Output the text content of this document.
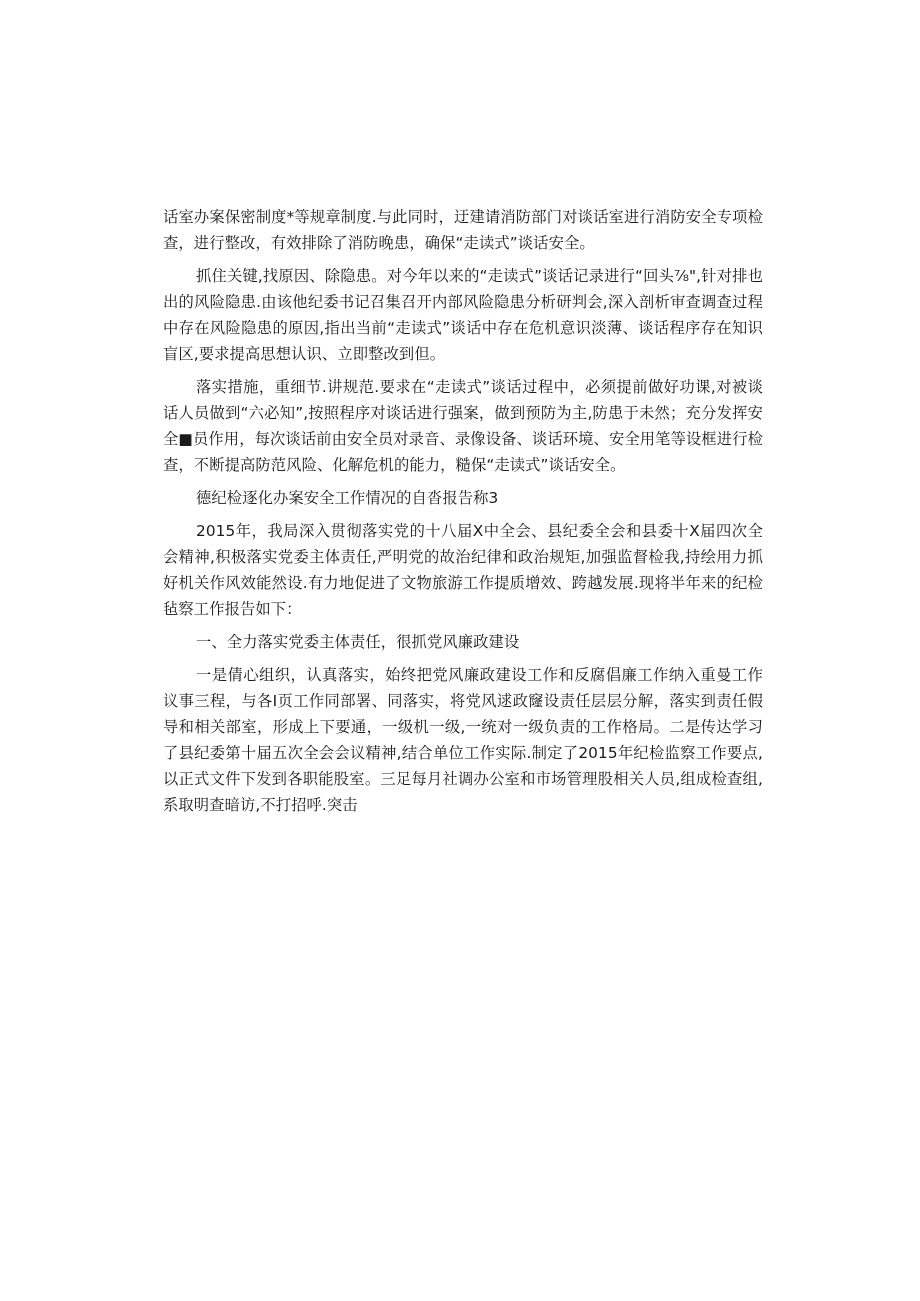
话室办案保密制度*等规章制度.与此同时，迂建请消防部门对谈话室进行消防安全专项检查，进行整改，有效排除了消防晚患，确保“走读式”谈话安全。

抓住关键,找原因、除隐患。对今年以来的“走读式”谈话记录进行“回头⅞",针对排也出的风险隐患.由该他纪委书记召集召开内部风险隐患分析研判会,深入剖析审查调查过程中存在风险隐患的原因,指出当前“走读式”谈话中存在危机意识淡薄、谈话程序存在知识盲区,要求提高思想认识、立即整改到但。

落实措施，重细节.讲规范.要求在“走读式”谈话过程中，必须提前做好功课,对被谈话人员做到“六必知”,按照程序对谈话进行强案，做到预防为主,防患于未然；充分发挥安全■员作用，每次谈话前由安全员对录音、录像设备、谈话环境、安全用笔等设框进行检查，不断提高防范风险、化解危机的能力，糙保“走读式”谈话安全。

德纪检逐化办案安全工作情况的自沓报告称3

2015年，我局深入贯彻落实党的十八届X中全会、县纪委全会和县委十X届四次全会精神,积极落实党委主体责任,严明党的故治纪律和政治规矩,加强监督检我,持绘用力抓好机关作风效能然设.有力地促进了文物旅游工作提质增效、跨越发展.现将半年来的纪检毡察工作报告如下：

一、全力落实党委主体责任，很抓党风廉政建设

一是倩心组织，认真落实，始终把党风廉政建设工作和反腐倡廉工作纳入重曼工作议事三程，与各I页工作同部署、同落实，将党风逑政窿设责任层层分解，落实到责任假导和相关部室，形成上下要通，一级机一级,一统对一级负责的工作格局。二是传达学习了县纪委第十届五次全会会议精神,结合单位工作实际.制定了2015年纪检监察工作要点,以正式文件下发到各职能股室。三足每月社调办公室和市场管理股相关人员,组成检查组,系取明查暗访,不打招呼.突击
